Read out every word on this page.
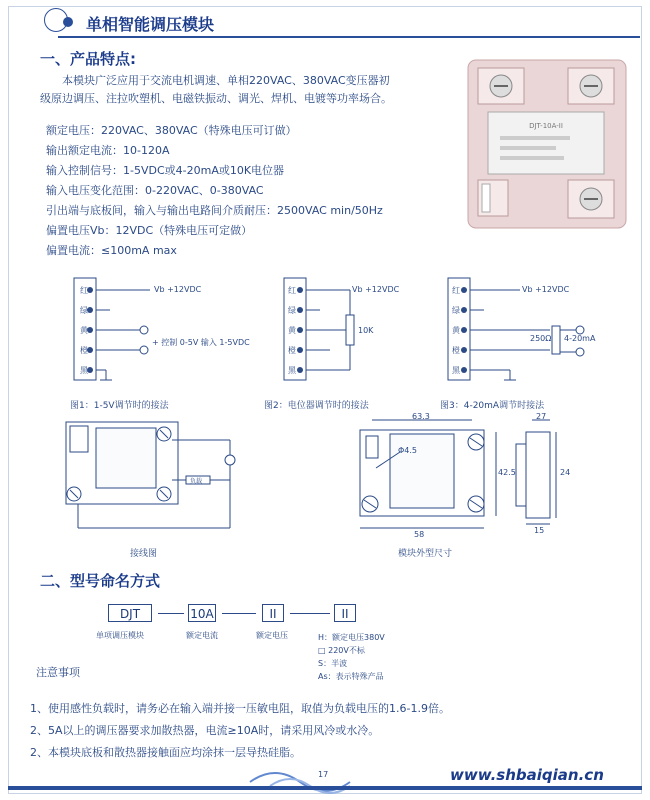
单相智能调压模块
一、产品特点:
本模块广泛应用于交流电机调速、单相220VAC、380VAC变压器初
级原边调压、注拉吹塑机、电磁铁振动、调光、焊机、电镀等功率场合。
额定电压：220VAC、380VAC（特殊电压可订做）
输出额定电流：10-120A
输入控制信号：1-5VDC或4-20mA或10K电位器
输入电压变化范围：0-220VAC、0-380VAC
引出端与底板间，输入与输出电路间介质耐压：2500VAC min/50Hz
偏置电压Vb：12VDC（特殊电压可定做）
偏置电流：≤100mA max
DJT-10A-II
Vb +12VDC
+ 控制 0-5V 输入 1-5VDC
Vb +12VDC
10K
Vb +12VDC
250Ω 4-20mA
红
绿
黄
橙
黑
红
绿
黄
橙
黑
红
绿
黄
橙
黑
图1：1-5V调节时的接法	图2：电位器调节时的接法	图3：4-20mA调节时接法
负载
接线图	模块外型尺寸
63.3
58
42.5
27
15
24
Φ4.5
二、型号命名方式
DJT	10A	II	II
单项调压模块	额定电流	额定电压	H：额定电压380V
□ 220V不标
S：半波
As：表示特殊产品
注意事项
1、使用感性负载时，请务必在输入端并接一压敏电阻，取值为负载电压的1.6-1.9倍。
2、5A以上的调压器要求加散热器，电流≥10A时，请采用风冷或水冷。
2、本模块底板和散热器接触面应均涂抹一层导热硅脂。
17	www.shbaiqian.cn
